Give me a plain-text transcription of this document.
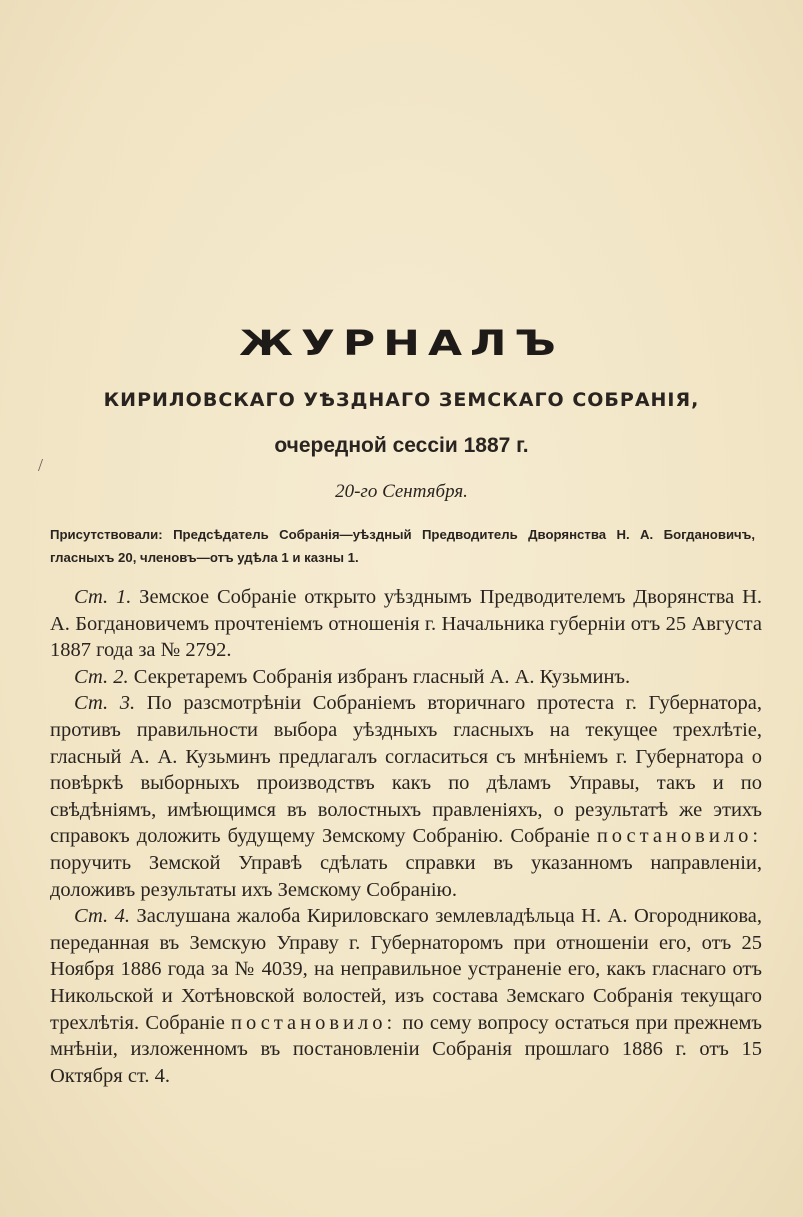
/
ЖУРНАЛЪ
КИРИЛОВСКАГО УѢЗДНАГО ЗЕМСКАГО СОБРАНІЯ,
очередной сессіи 1887 г.
20-го Сентября.
Присутствовали: Предсѣдатель Собранія—уѣздный Предводитель Дворянства Н. А. Богдановичъ, гласныхъ 20, членовъ—отъ удѣла 1 и казны 1.

Ст. 1. Земское Собраніе открыто уѣзднымъ Предводителемъ Дворянства Н. А. Богдановичемъ прочтеніемъ отношенія г. Начальника губерніи отъ 25 Августа 1887 года за № 2792.

Ст. 2. Секретаремъ Собранія избранъ гласный А. А. Кузьминъ.

Ст. 3. По разсмотрѣніи Собраніемъ вторичнаго протеста г. Губернатора, противъ правильности выбора уѣздныхъ гласныхъ на текущее трехлѣтіе, гласный А. А. Кузьминъ предлагалъ согласиться съ мнѣніемъ г. Губернатора о повѣркѣ выборныхъ производствъ какъ по дѣламъ Управы, такъ и по свѣдѣніямъ, имѣющимся въ волостныхъ правленіяхъ, о результатѣ же этихъ справокъ доложить будущему Земскому Собранію. Собраніе постановило: поручить Земской Управѣ сдѣлать справки въ указанномъ направленіи, доложивъ результаты ихъ Земскому Собранію.

Ст. 4. Заслушана жалоба Кириловскаго землевладѣльца Н. А. Огородникова, переданная въ Земскую Управу г. Губернаторомъ при отношеніи его, отъ 25 Ноября 1886 года за № 4039, на неправильное устраненіе его, какъ гласнаго отъ Никольской и Хотѣновской волостей, изъ состава Земскаго Собранія текущаго трехлѣтія. Собраніе постановило: по сему вопросу остаться при прежнемъ мнѣніи, изложенномъ въ постановленіи Собранія прошлаго 1886 г. отъ 15 Октября ст. 4.
